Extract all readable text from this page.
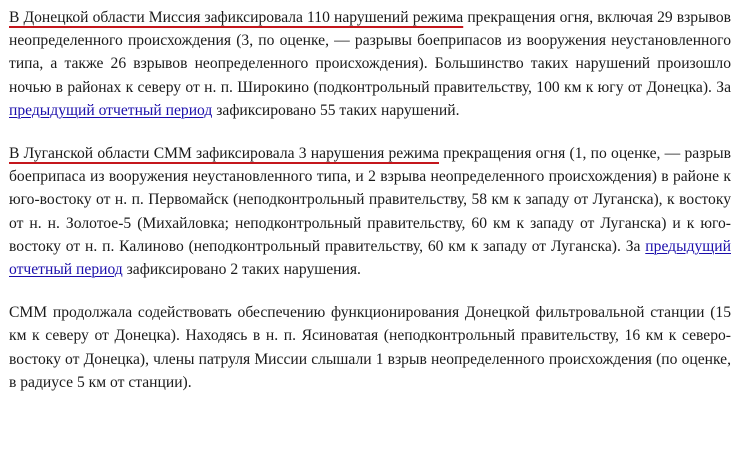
В Донецкой области Миссия зафиксировала 110 нарушений режима прекращения огня, включая 29 взрывов неопределенного происхождения (3, по оценке, — разрывы боеприпасов из вооружения неустановленного типа, а также 26 взрывов неопределенного происхождения). Большинство таких нарушений произошло ночью в районах к северу от н. п. Широкино (подконтрольный правительству, 100 км к югу от Донецка). За предыдущий отчетный период зафиксировано 55 таких нарушений.

В Луганской области СММ зафиксировала 3 нарушения режима прекращения огня (1, по оценке, — разрыв боеприпаса из вооружения неустановленного типа, и 2 взрыва неопределенного происхождения) в районе к юго-востоку от н. п. Первомайск (неподконтрольный правительству, 58 км к западу от Луганска), к востоку от н. н. Золотое-5 (Михайловка; неподконтрольный правительству, 60 км к западу от Луганска) и к юго-востоку от н. п. Калиново (неподконтрольный правительству, 60 км к западу от Луганска). За предыдущий отчетный период зафиксировано 2 таких нарушения.

СММ продолжала содействовать обеспечению функционирования Донецкой фильтровальной станции (15 км к северу от Донецка). Находясь в н. п. Ясиноватая (неподконтрольный правительству, 16 км к северо-востоку от Донецка), члены патруля Миссии слышали 1 взрыв неопределенного происхождения (по оценке, в радиусе 5 км от станции).
